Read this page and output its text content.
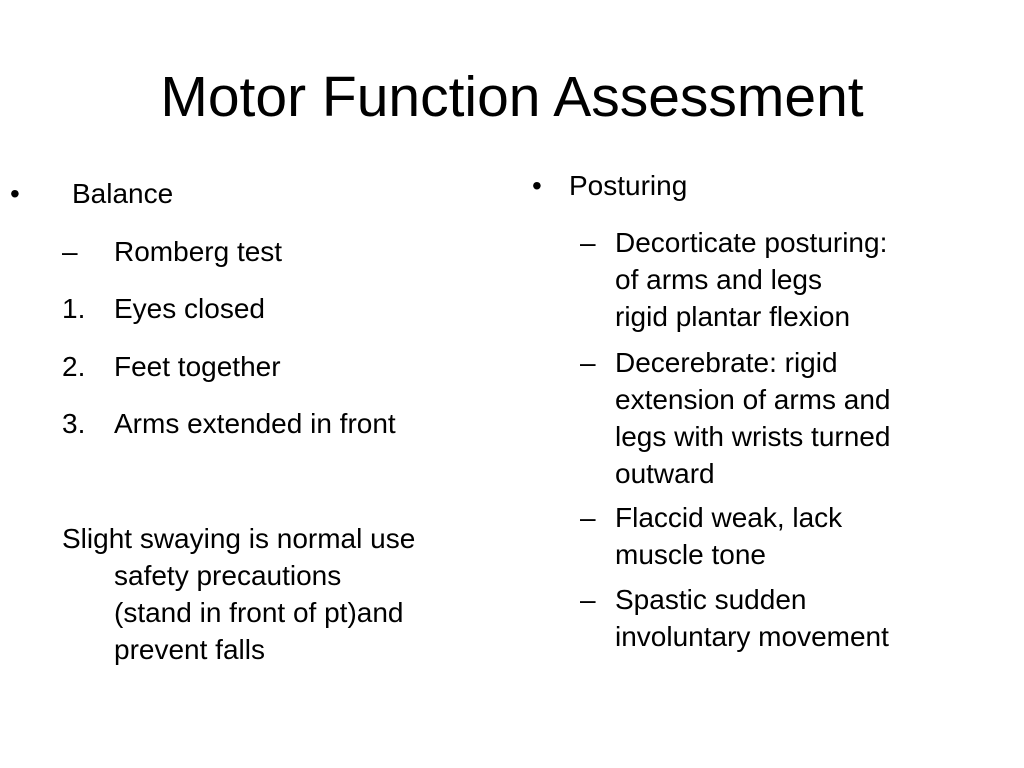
Motor Function Assessment
• Balance
– Romberg test
1. Eyes closed
2. Feet together
3. Arms extended in front
Slight swaying is normal use
safety precautions
(stand in front of pt)and
prevent falls
• Posturing
– Decorticate posturing:
of arms and legs
rigid plantar flexion
– Decerebrate: rigid
extension of arms and
legs with wrists turned
outward
– Flaccid weak, lack
muscle tone
– Spastic sudden
involuntary movement
